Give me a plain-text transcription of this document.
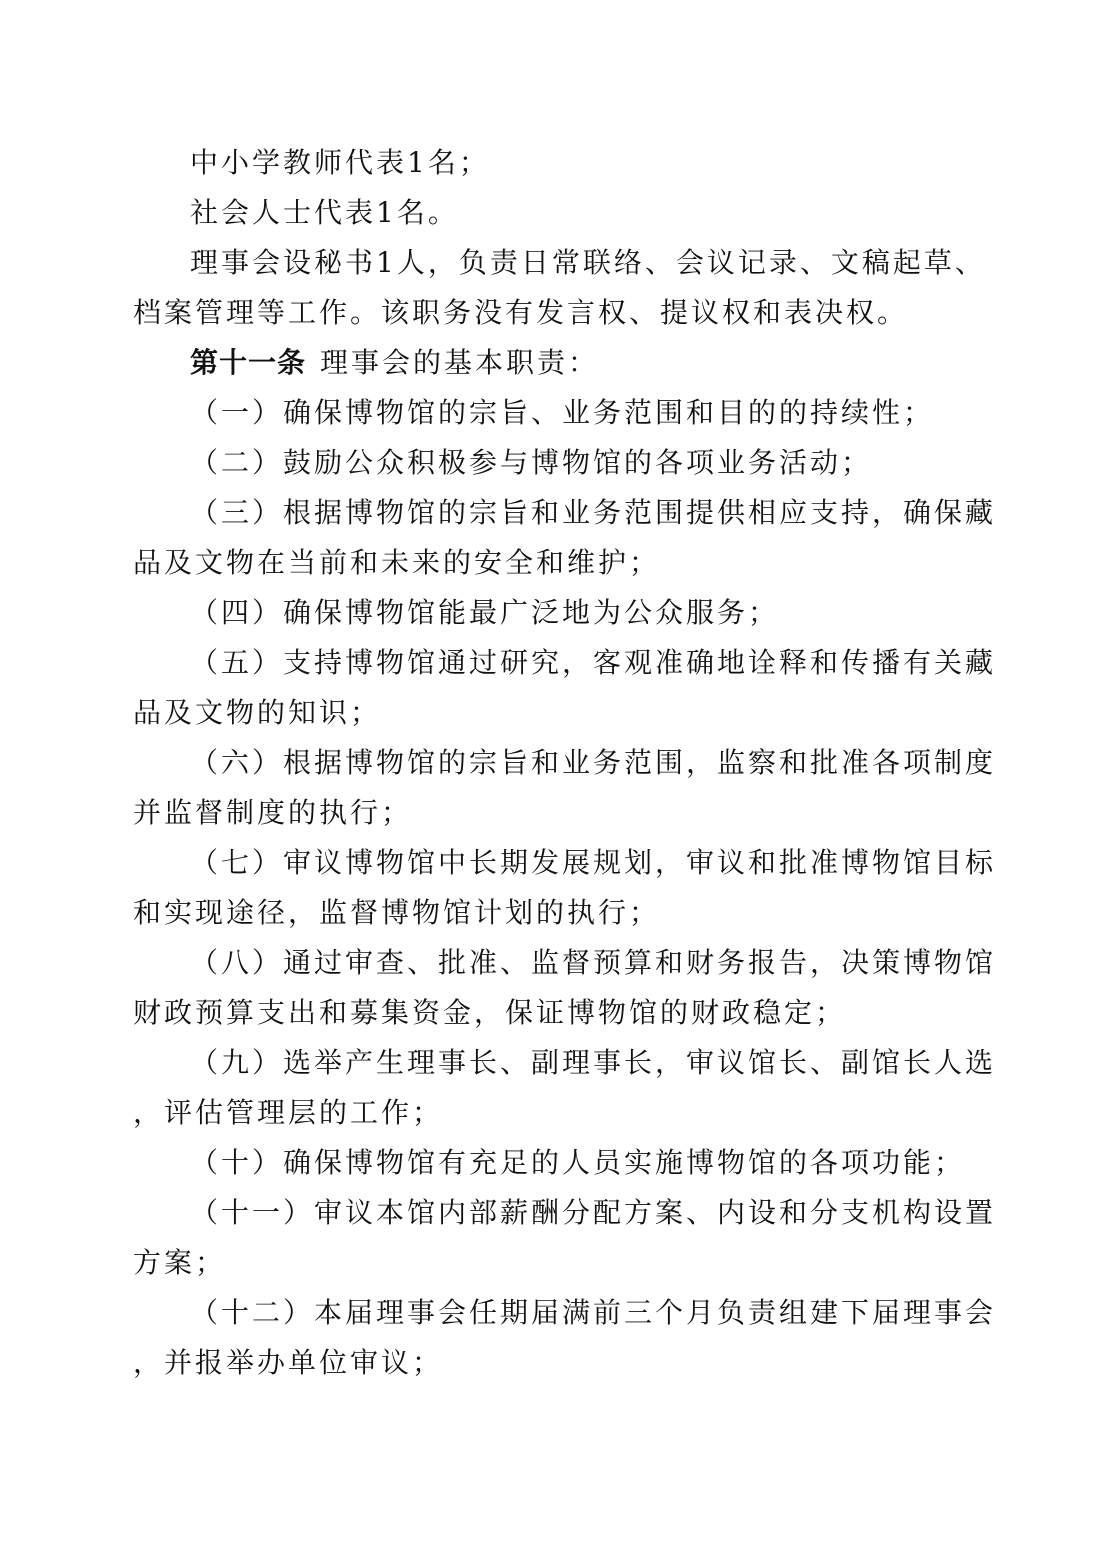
中小学教师代表1名；
社会人士代表1名。
理事会设秘书1人，负责日常联络、会议记录、文稿起草、
档案管理等工作。该职务没有发言权、提议权和表决权。
第十一条 理事会的基本职责：
（一）确保博物馆的宗旨、业务范围和目的的持续性；
（二）鼓励公众积极参与博物馆的各项业务活动；
（三）根据博物馆的宗旨和业务范围提供相应支持，确保藏
品及文物在当前和未来的安全和维护；
（四）确保博物馆能最广泛地为公众服务；
（五）支持博物馆通过研究，客观准确地诠释和传播有关藏
品及文物的知识；
（六）根据博物馆的宗旨和业务范围，监察和批准各项制度
并监督制度的执行；
（七）审议博物馆中长期发展规划，审议和批准博物馆目标
和实现途径，监督博物馆计划的执行；
（八）通过审查、批准、监督预算和财务报告，决策博物馆
财政预算支出和募集资金，保证博物馆的财政稳定；
（九）选举产生理事长、副理事长，审议馆长、副馆长人选
，评估管理层的工作；
（十）确保博物馆有充足的人员实施博物馆的各项功能；
（十一）审议本馆内部薪酬分配方案、内设和分支机构设置
方案；
（十二）本届理事会任期届满前三个月负责组建下届理事会
，并报举办单位审议；
